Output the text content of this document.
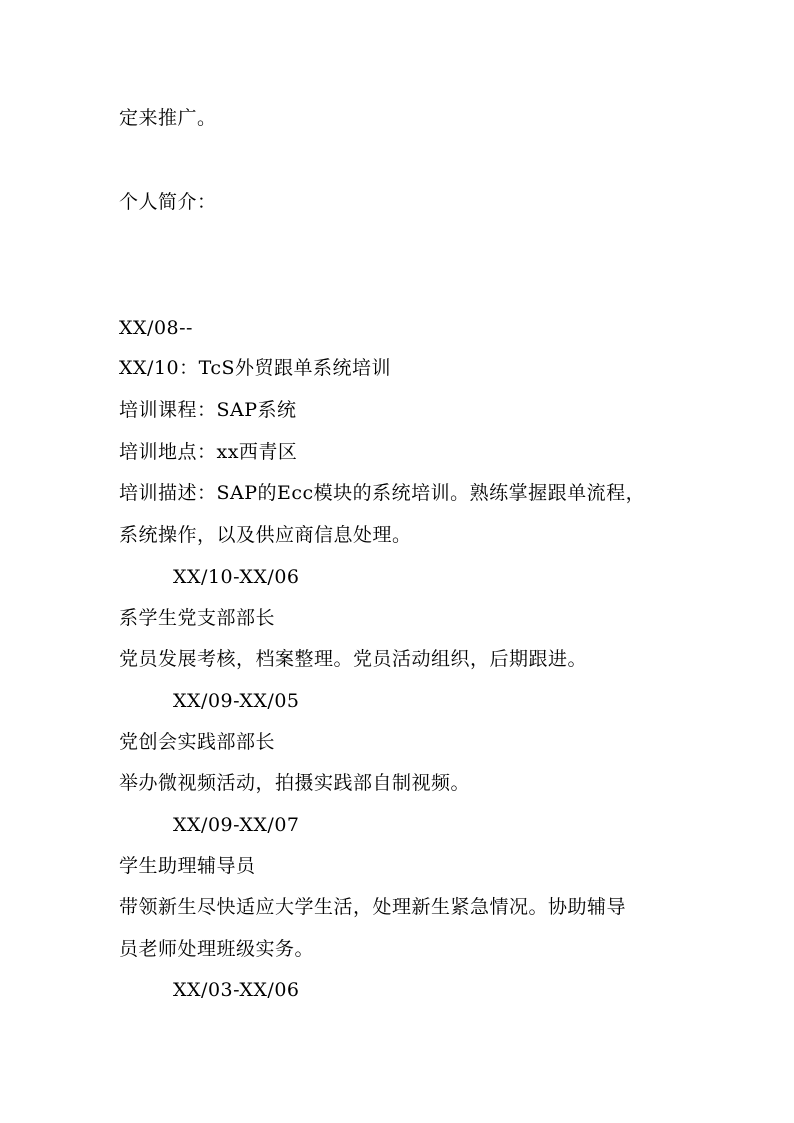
定来推广。
个人简介：
XX/08--
XX/10：TcS外贸跟单系统培训
培训课程：SAP系统
培训地点：xx西青区
培训描述：SAP的Ecc模块的系统培训。熟练掌握跟单流程，
系统操作，以及供应商信息处理。
XX/10-XX/06
系学生党支部部长
党员发展考核，档案整理。党员活动组织，后期跟进。
XX/09-XX/05
党创会实践部部长
举办微视频活动，拍摄实践部自制视频。
XX/09-XX/07
学生助理辅导员
带领新生尽快适应大学生活，处理新生紧急情况。协助辅导
员老师处理班级实务。
XX/03-XX/06
